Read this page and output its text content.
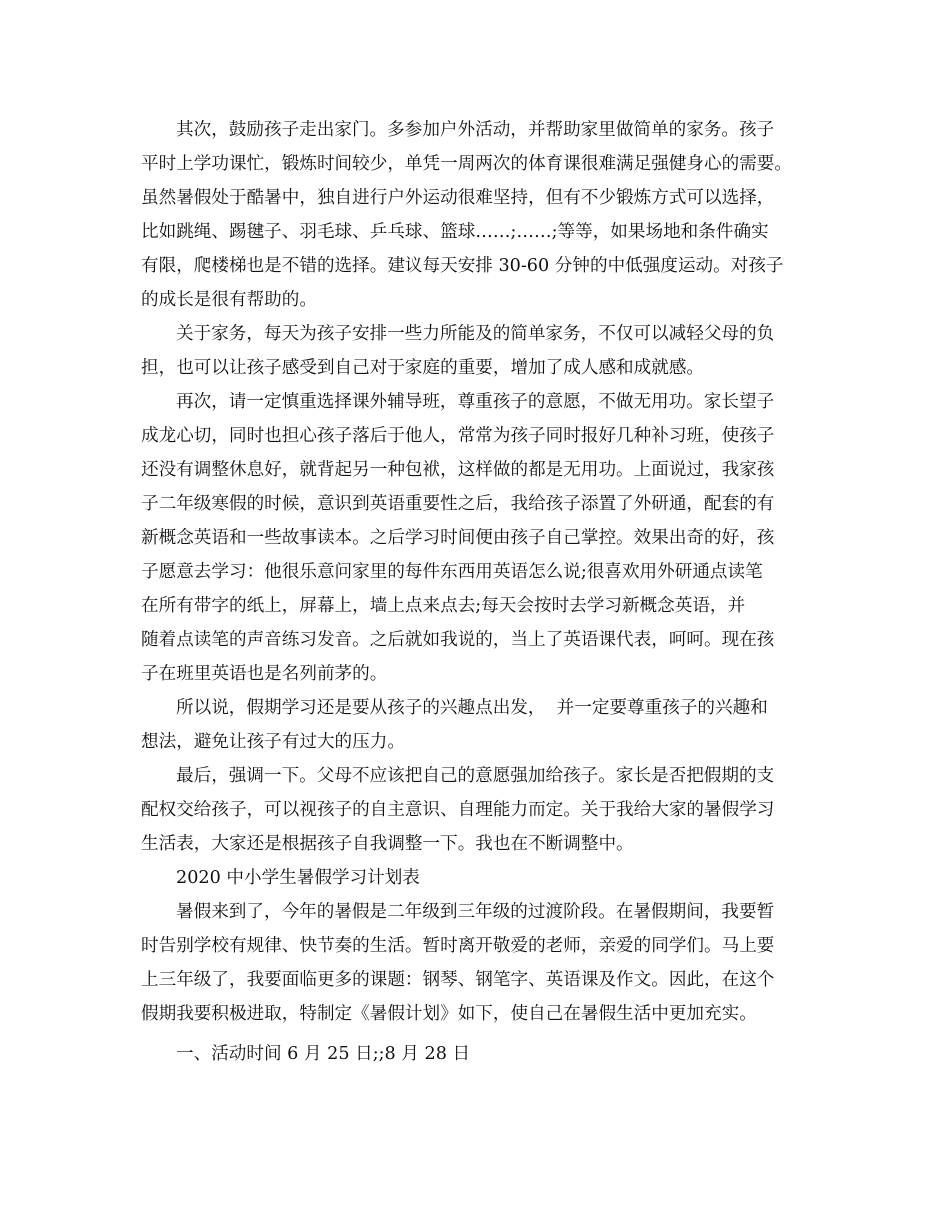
其次，鼓励孩子走出家门。多参加户外活动，并帮助家里做简单的家务。孩子
平时上学功课忙，锻炼时间较少，单凭一周两次的体育课很难满足强健身心的需要。
虽然暑假处于酷暑中，独自进行户外运动很难坚持，但有不少锻炼方式可以选择，
比如跳绳、踢毽子、羽毛球、乒乓球、篮球……;……;等等，如果场地和条件确实
有限，爬楼梯也是不错的选择。建议每天安排 30-60 分钟的中低强度运动。对孩子
的成长是很有帮助的。
关于家务，每天为孩子安排一些力所能及的简单家务，不仅可以减轻父母的负
担，也可以让孩子感受到自己对于家庭的重要，增加了成人感和成就感。
再次，请一定慎重选择课外辅导班，尊重孩子的意愿，不做无用功。家长望子
成龙心切，同时也担心孩子落后于他人，常常为孩子同时报好几种补习班，使孩子
还没有调整休息好，就背起另一种包袱，这样做的都是无用功。上面说过，我家孩
子二年级寒假的时候，意识到英语重要性之后，我给孩子添置了外研通，配套的有
新概念英语和一些故事读本。之后学习时间便由孩子自己掌控。效果出奇的好，孩
子愿意去学习：他很乐意问家里的每件东西用英语怎么说;很喜欢用外研通点读笔
在所有带字的纸上，屏幕上，墙上点来点去;每天会按时去学习新概念英语，并
随着点读笔的声音练习发音。之后就如我说的，当上了英语课代表，呵呵。现在孩
子在班里英语也是名列前茅的。
所以说，假期学习还是要从孩子的兴趣点出发，  并一定要尊重孩子的兴趣和
想法，避免让孩子有过大的压力。
最后，强调一下。父母不应该把自己的意愿强加给孩子。家长是否把假期的支
配权交给孩子，可以视孩子的自主意识、自理能力而定。关于我给大家的暑假学习
生活表，大家还是根据孩子自我调整一下。我也在不断调整中。
2020 中小学生暑假学习计划表
暑假来到了，今年的暑假是二年级到三年级的过渡阶段。在暑假期间，我要暂
时告别学校有规律、快节奏的生活。暂时离开敬爱的老师，亲爱的同学们。马上要
上三年级了，我要面临更多的课题：钢琴、钢笔字、英语课及作文。因此，在这个
假期我要积极进取，特制定《暑假计划》如下，使自己在暑假生活中更加充实。
一、活动时间 6 月 25 日;;8 月 28 日
